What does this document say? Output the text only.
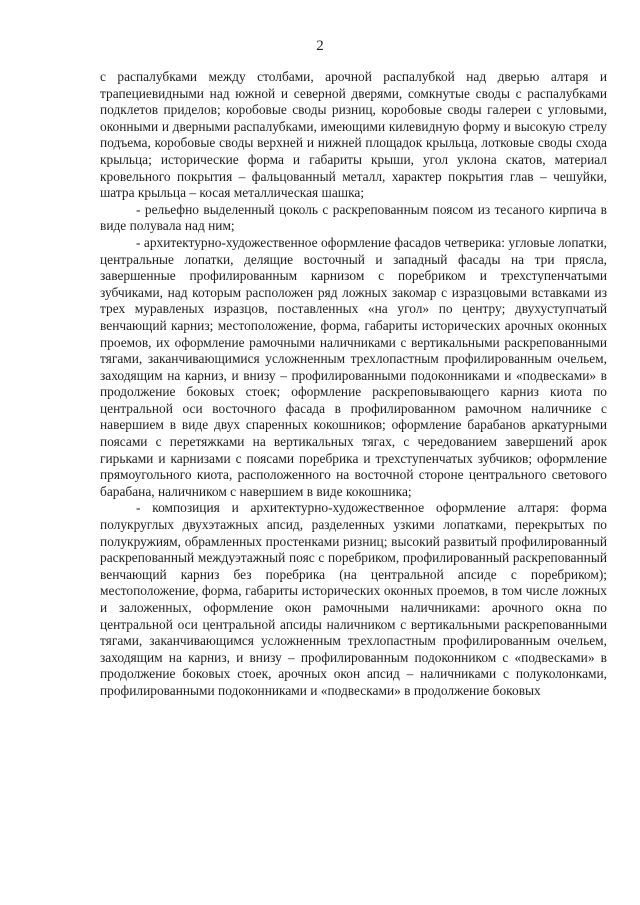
2

с распалубками между столбами, арочной распалубкой над дверью алтаря и трапециевидными над южной и северной дверями, сомкнутые своды с распалубками подклетов приделов; коробовые своды ризниц, коробовые своды галереи с угловыми, оконными и дверными распалубками, имеющими килевидную форму и высокую стрелу подъема, коробовые своды верхней и нижней площадок крыльца, лотковые своды схода крыльца; исторические форма и габариты крыши, угол уклона скатов, материал кровельного покрытия – фальцованный металл, характер покрытия глав – чешуйки, шатра крыльца – косая металлическая шашка;

- рельефно выделенный цоколь с раскрепованным поясом из тесаного кирпича в виде полувала над ним;

- архитектурно-художественное оформление фасадов четверика: угловые лопатки, центральные лопатки, делящие восточный и западный фасады на три прясла, завершенные профилированным карнизом с поребриком и трехступенчатыми зубчиками, над которым расположен ряд ложных закомар с изразцовыми вставками из трех муравленых изразцов, поставленных «на угол» по центру; двухуступчатый венчающий карниз; местоположение, форма, габариты исторических арочных оконных проемов, их оформление рамочными наличниками с вертикальными раскрепованными тягами, заканчивающимися усложненным трехлопастным профилированным очельем, заходящим на карниз, и внизу – профилированными подоконниками и «подвесками» в продолжение боковых стоек; оформление раскреповывающего карниз киота по центральной оси восточного фасада в профилированном рамочном наличнике с навершием в виде двух спаренных кокошников; оформление барабанов аркатурными поясами с перетяжками на вертикальных тягах, с чередованием завершений арок гирьками и карнизами с поясами поребрика и трехступенчатых зубчиков; оформление прямоугольного киота, расположенного на восточной стороне центрального светового барабана, наличником с навершием в виде кокошника;

- композиция и архитектурно-художественное оформление алтаря: форма полукруглых двухэтажных апсид, разделенных узкими лопатками, перекрытых по полукружиям, обрамленных простенками ризниц; высокий развитый профилированный раскрепованный междуэтажный пояс с поребриком, профилированный раскрепованный венчающий карниз без поребрика (на центральной апсиде с поребриком); местоположение, форма, габариты исторических оконных проемов, в том числе ложных и заложенных, оформление окон рамочными наличниками: арочного окна по центральной оси центральной апсиды наличником с вертикальными раскрепованными тягами, заканчивающимся усложненным трехлопастным профилированным очельем, заходящим на карниз, и внизу – профилированным подоконником с «подвесками» в продолжение боковых стоек, арочных окон апсид – наличниками с полуколонками, профилированными подоконниками и «подвесками» в продолжение боковых
